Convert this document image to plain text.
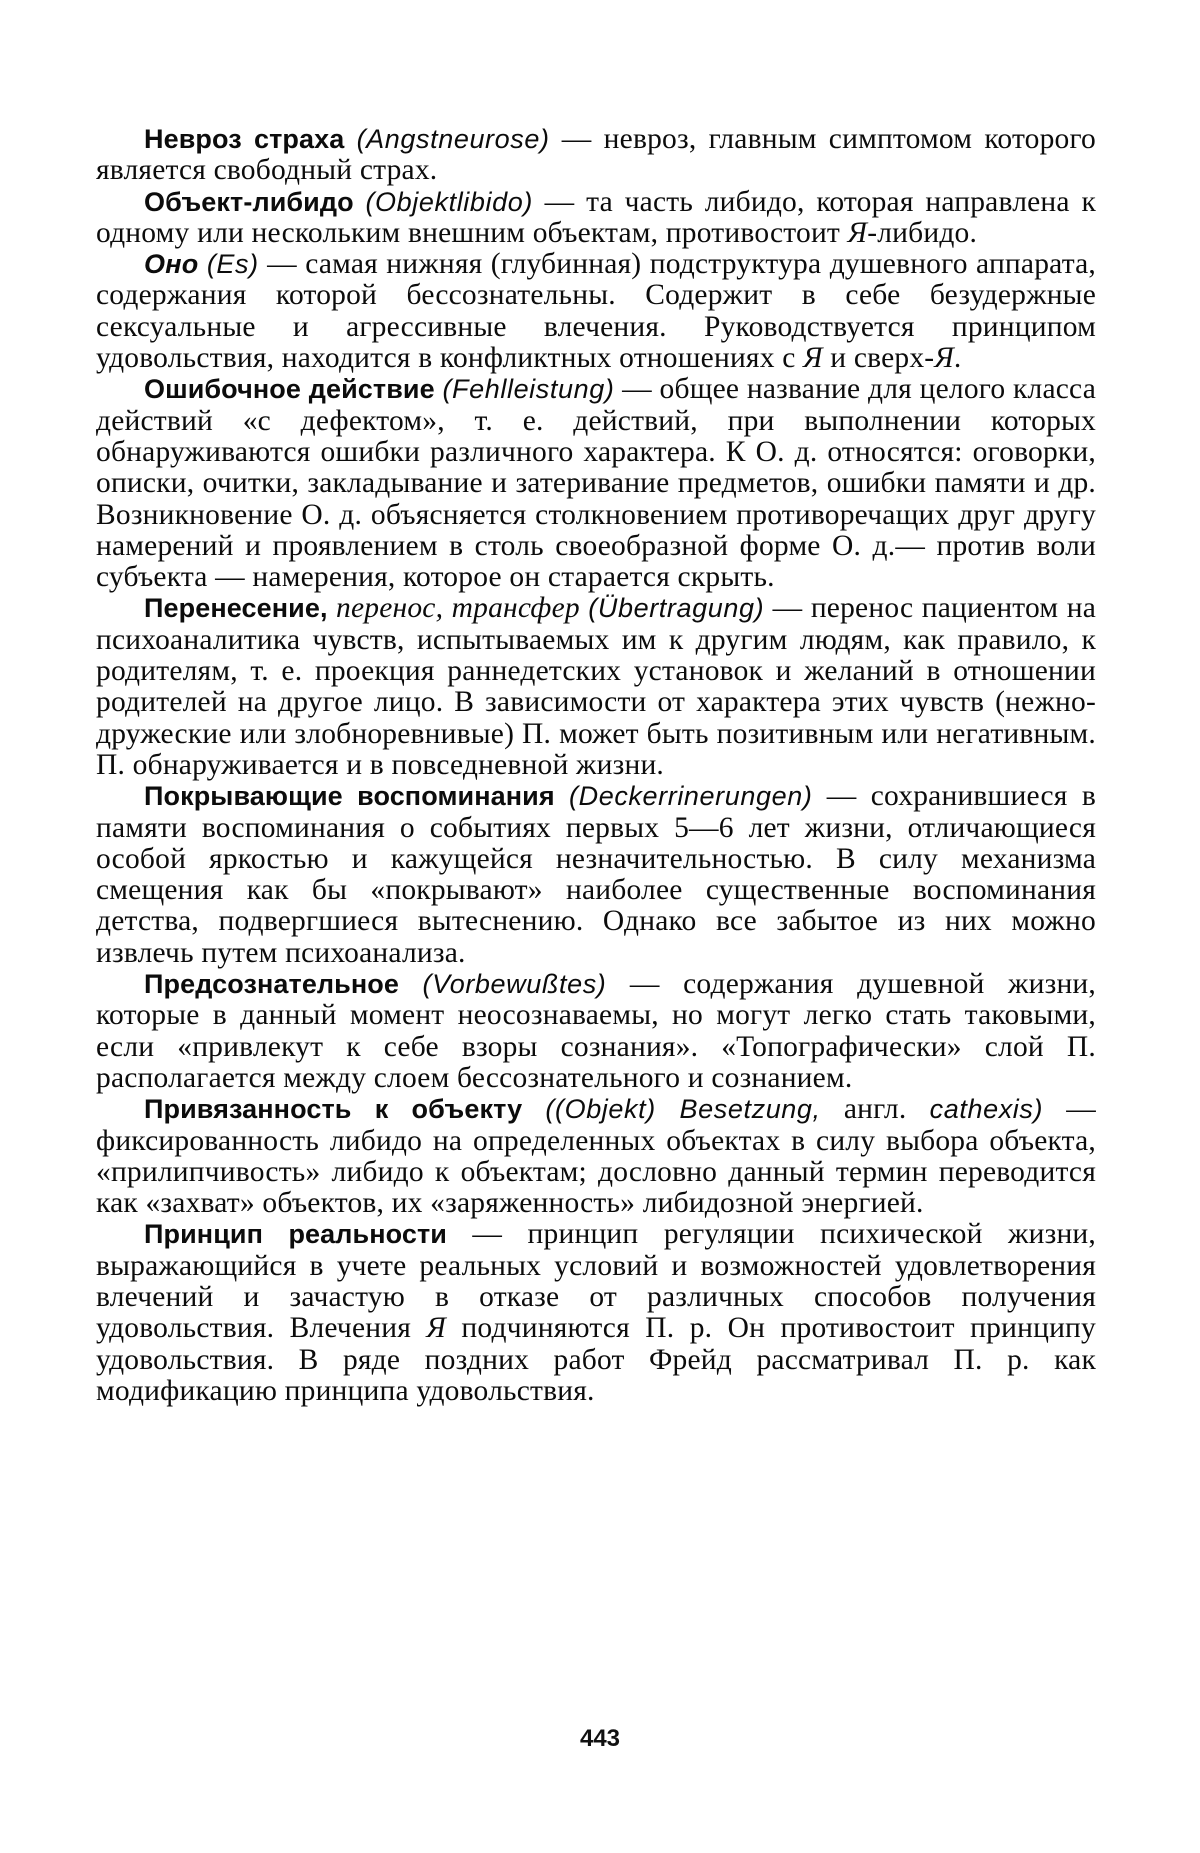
Невроз страха (Angstneurose) — невроз, главным симптомом которого является свободный страх.

Объект-либидо (Objektlibido) — та часть либидо, которая направлена к одному или нескольким внешним объектам, противостоит Я-либидо.

Оно (Es) — самая нижняя (глубинная) подструктура душевного аппарата, содержания которой бессознательны. Содержит в себе безудержные сексуальные и агрессивные влечения. Руководствуется принципом удовольствия, находится в конфликтных отношениях с Я и сверх-Я.

Ошибочное действие (Fehlleistung) — общее название для целого класса действий «с дефектом», т. е. действий, при выполнении которых обнаруживаются ошибки различного характера. К О. д. относятся: оговорки, описки, очитки, закладывание и затеривание предметов, ошибки памяти и др. Возникновение О. д. объясняется столкновением противоречащих друг другу намерений и проявлением в столь своеобразной форме О. д.— против воли субъекта — намерения, которое он старается скрыть.

Перенесение, перенос, трансфер (Übertragung) — перенос пациентом на психоаналитика чувств, испытываемых им к другим людям, как правило, к родителям, т. е. проекция раннедетских установок и желаний в отношении родителей на другое лицо. В зависимости от характера этих чувств (нежно-дружеские или злобноревнивые) П. может быть позитивным или негативным. П. обнаруживается и в повседневной жизни.

Покрывающие воспоминания (Deckerrinerungen) — сохранившиеся в памяти воспоминания о событиях первых 5—6 лет жизни, отличающиеся особой яркостью и кажущейся незначительностью. В силу механизма смещения как бы «покрывают» наиболее существенные воспоминания детства, подвергшиеся вытеснению. Однако все забытое из них можно извлечь путем психоанализа.

Предсознательное (Vorbewußtes) — содержания душевной жизни, которые в данный момент неосознаваемы, но могут легко стать таковыми, если «привлекут к себе взоры сознания». «Топографически» слой П. располагается между слоем бессознательного и сознанием.

Привязанность к объекту ((Objekt) Besetzung, англ. cathexis) — фиксированность либидо на определенных объектах в силу выбора объекта, «прилипчивость» либидо к объектам; дословно данный термин переводится как «захват» объектов, их «заряженность» либидозной энергией.

Принцип реальности — принцип регуляции психической жизни, выражающийся в учете реальных условий и возможностей удовлетворения влечений и зачастую в отказе от различных способов получения удовольствия. Влечения Я подчиняются П. р. Он противостоит принципу удовольствия. В ряде поздних работ Фрейд рассматривал П. р. как модификацию принципа удовольствия.

443
